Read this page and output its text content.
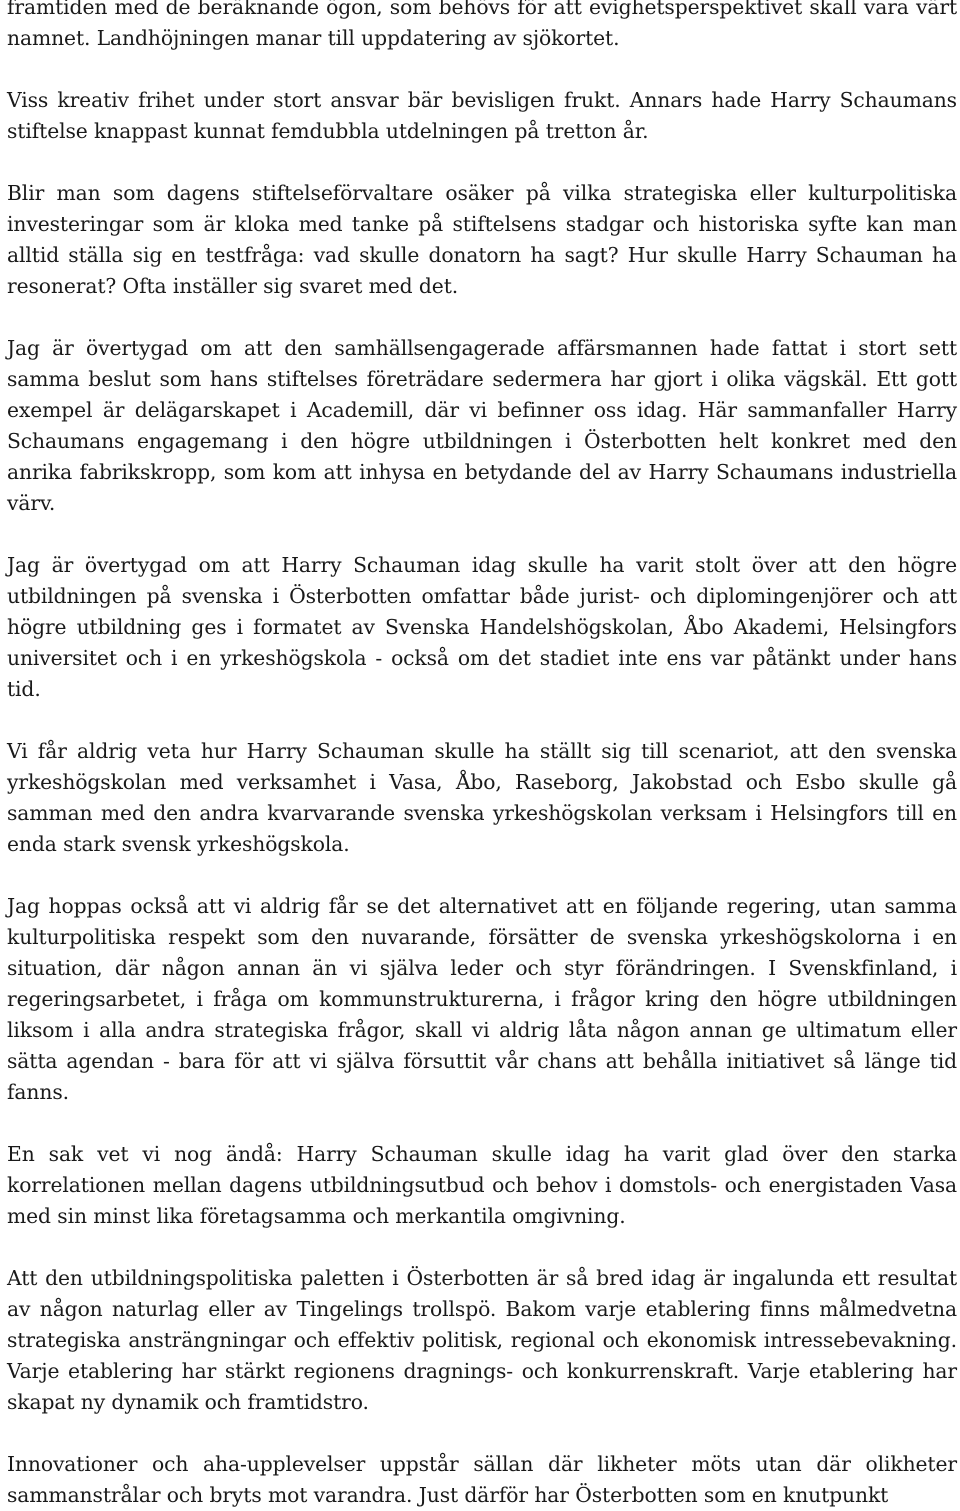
framtiden med de beräknande ögon, som behövs för att evighetsperspektivet skall vara värt namnet. Landhöjningen manar till uppdatering av sjökortet.

Viss kreativ frihet under stort ansvar bär bevisligen frukt. Annars hade Harry Schaumans stiftelse knappast kunnat femdubbla utdelningen på tretton år.

Blir man som dagens stiftelseförvaltare osäker på vilka strategiska eller kulturpolitiska investeringar som är kloka med tanke på stiftelsens stadgar och historiska syfte kan man alltid ställa sig en testfråga: vad skulle donatorn ha sagt? Hur skulle Harry Schauman ha resonerat? Ofta inställer sig svaret med det.

Jag är övertygad om att den samhällsengagerade affärsmannen hade fattat i stort sett samma beslut som hans stiftelses företrädare sedermera har gjort i olika vägskäl. Ett gott exempel är delägarskapet i Academill, där vi befinner oss idag. Här sammanfaller Harry Schaumans engagemang i den högre utbildningen i Österbotten helt konkret med den anrika fabrikskropp, som kom att inhysa en betydande del av Harry Schaumans industriella värv.

Jag är övertygad om att Harry Schauman idag skulle ha varit stolt över att den högre utbildningen på svenska i Österbotten omfattar både jurist- och diplomingenjörer och att högre utbildning ges i formatet av Svenska Handelshögskolan, Åbo Akademi, Helsingfors universitet och i en yrkeshögskola - också om det stadiet inte ens var påtänkt under hans tid.

Vi får aldrig veta hur Harry Schauman skulle ha ställt sig till scenariot, att den svenska yrkeshögskolan med verksamhet i Vasa, Åbo, Raseborg, Jakobstad och Esbo skulle gå samman med den andra kvarvarande svenska yrkeshögskolan verksam i Helsingfors till en enda stark svensk yrkeshögskola.

Jag hoppas också att vi aldrig får se det alternativet att en följande regering, utan samma kulturpolitiska respekt som den nuvarande, försätter de svenska yrkeshögskolorna i en situation, där någon annan än vi själva leder och styr förändringen. I Svenskfinland, i regeringsarbetet, i fråga om kommunstrukturerna, i frågor kring den högre utbildningen liksom i alla andra strategiska frågor, skall vi aldrig låta någon annan ge ultimatum eller sätta agendan - bara för att vi själva försuttit vår chans att behålla initiativet så länge tid fanns.

En sak vet vi nog ändå: Harry Schauman skulle idag ha varit glad över den starka korrelationen mellan dagens utbildningsutbud och behov i domstols- och energistaden Vasa med sin minst lika företagsamma och merkantila omgivning.

Att den utbildningspolitiska paletten i Österbotten är så bred idag är ingalunda ett resultat av någon naturlag eller av Tingelings trollspö. Bakom varje etablering finns målmedvetna strategiska ansträngningar och effektiv politisk, regional och ekonomisk intressebevakning. Varje etablering har stärkt regionens dragnings- och konkurrenskraft. Varje etablering har skapat ny dynamik och framtidstro.

Innovationer och aha-upplevelser uppstår sällan där likheter möts utan där olikheter sammanstrålar och bryts mot varandra. Just därför har Österbotten som en knutpunkt
